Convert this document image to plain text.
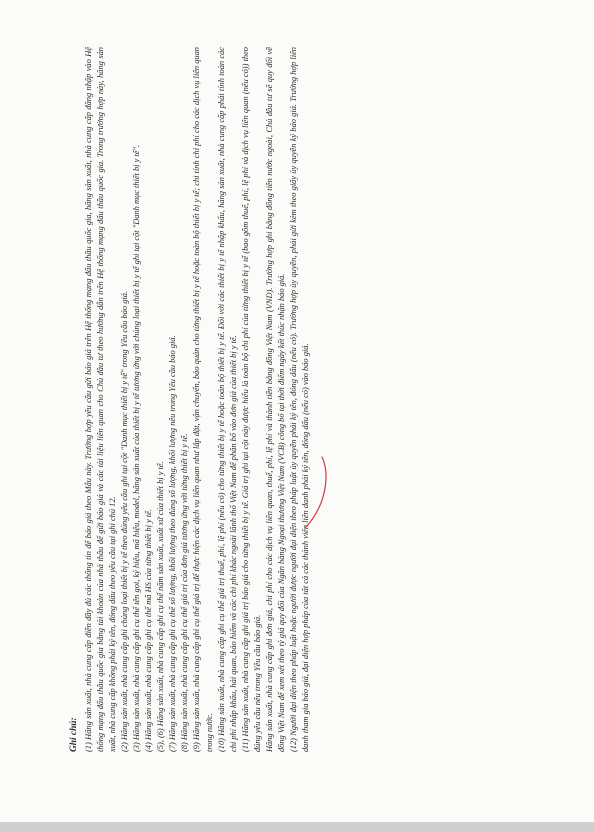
Ghi chú: (1) Hãng sản xuất, nhà cung cấp điền đầy đủ các thông tin để báo giá theo Mẫu này. Trường hợp yêu cầu gửi báo giá trên Hệ thống mạng đấu thầu quốc gia, hãng sản xuất, nhà cung cấp đăng nhập vào Hệ thống mạng đấu thầu quốc gia bằng tài khoản của nhà thầu để gửi báo giá và các tài liệu liên quan cho Chủ đầu tư theo hướng dẫn trên Hệ thống mạng đấu thầu quốc gia. Trong trường hợp này, hãng sản xuất, nhà cung cấp không phải ký tên, đóng dấu theo yêu cầu tại ghi chú 12. (2) Hãng sản xuất, nhà cung cấp ghi chủng loại thiết bị y tế theo đúng yêu cầu ghi tại cột "Danh mục thiết bị y tế" trong Yêu cầu báo giá. (3) Hãng sản xuất, nhà cung cấp ghi cụ thể tên gọi, ký hiệu, mã hiệu, model, hãng sản xuất của thiết bị y tế tương ứng với chủng loại thiết bị y tế ghi tại cột "Danh mục thiết bị y tế". (4) Hãng sản xuất, nhà cung cấp ghi cụ thể mã HS của từng thiết bị y tế. (5), (6) Hãng sản xuất, nhà cung cấp ghi cụ thể năm sản xuất, xuất xứ của thiết bị y tế. (7) Hãng sản xuất, nhà cung cấp ghi cụ thể số lượng, khối lượng theo đúng số lượng, khối lượng nêu trong Yêu cầu báo giá. (8) Hãng sản xuất, nhà cung cấp ghi cụ thể giá trị của đơn giá tương ứng với từng thiết bị y tế. (9) Hãng sản xuất, nhà cung cấp ghi cụ thể giá trị để thực hiện các dịch vụ liên quan như lắp đặt, vận chuyển, bảo quản cho từng thiết bị y tế hoặc toàn bộ thiết bị y tế; chi tính chi phí cho các dịch vụ liên quan trong nước. (10) Hãng sản xuất, nhà cung cấp ghi cụ thể giá trị thuế, phí, lệ phí (nếu có) cho từng thiết bị y tế hoặc toàn bộ thiết bị y tế. Đối với các thiết bị y tế nhập khẩu, hãng sản xuất, nhà cung cấp phải tính toàn các chi phí nhập khẩu, hải quan, bảo hiểm và các chi phí khác ngoài lãnh thổ Việt Nam để phân bổ vào đơn giá của thiết bị y tế. (11) Hãng sản xuất, nhà cung cấp ghi giá trị báo giá cho từng thiết bị y tế. Giá trị ghi tại cột này được hiểu là toàn bộ chi phí của từng thiết bị y tế (bao gồm thuế, phí, lệ phí và dịch vụ liên quan (nếu có)) theo đúng yêu cầu nêu trong Yêu cầu báo giá. Hãng sản xuất, nhà cung cấp ghi đơn giá, chi phí cho các dịch vụ liên quan, thuế, phí, lệ phí và thành tiền bằng đồng Việt Nam (VND). Trường hợp ghi bằng đồng tiền nước ngoài, Chủ đầu tư sẽ quy đổi về đồng Việt Nam để xem xét theo tỷ giá quy đổi của Ngân hàng Ngoại thương Việt Nam (VCB) công bố tại thời điểm ngày kết thúc nhận báo giá. (12) Người đại diện theo pháp luật hoặc người được người đại diện theo pháp luật ủy quyền phải ký tên, đóng dấu (nếu có). Trường hợp ủy quyền, phải gửi kèm theo giấy ủy quyền ký báo giá. Trường hợp liên danh tham gia báo giá, đại diện hợp pháp của tất cả các thành viên liên danh phải ký tên, đóng dấu (nếu có) vào báo giá.
